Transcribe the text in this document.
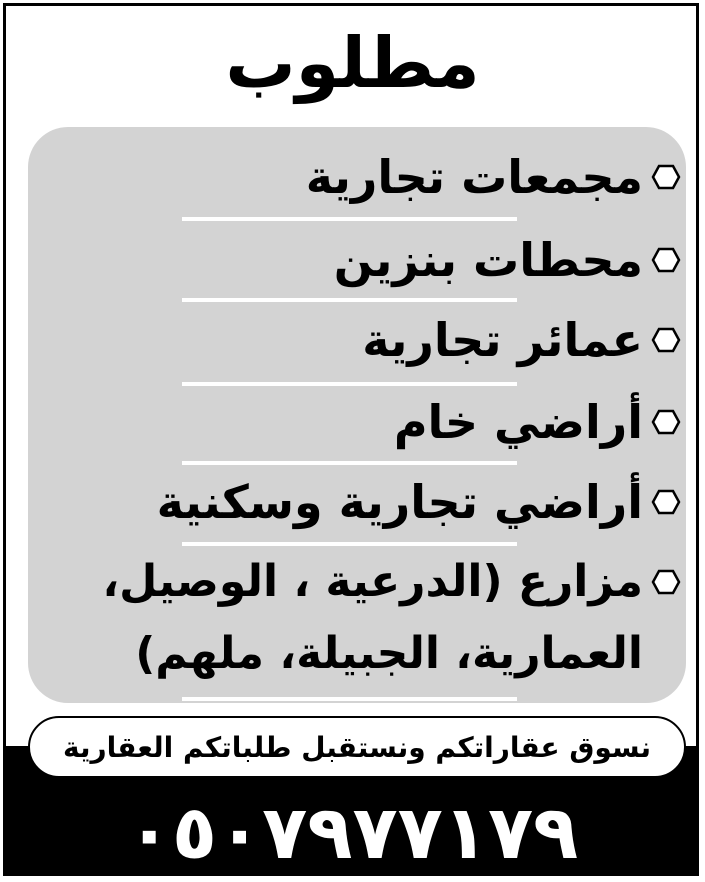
مطلوب
مجمعات تجارية
محطات بنزين
عمائر تجارية
أراضي خام
أراضي تجارية وسكنية
مزارع (الدرعية ، الوصيل،
العمارية، الجبيلة، ملهم)
نسوق عقاراتكم ونستقبل طلباتكم العقارية
٠٥٠٧٩٧٧١٧٩
